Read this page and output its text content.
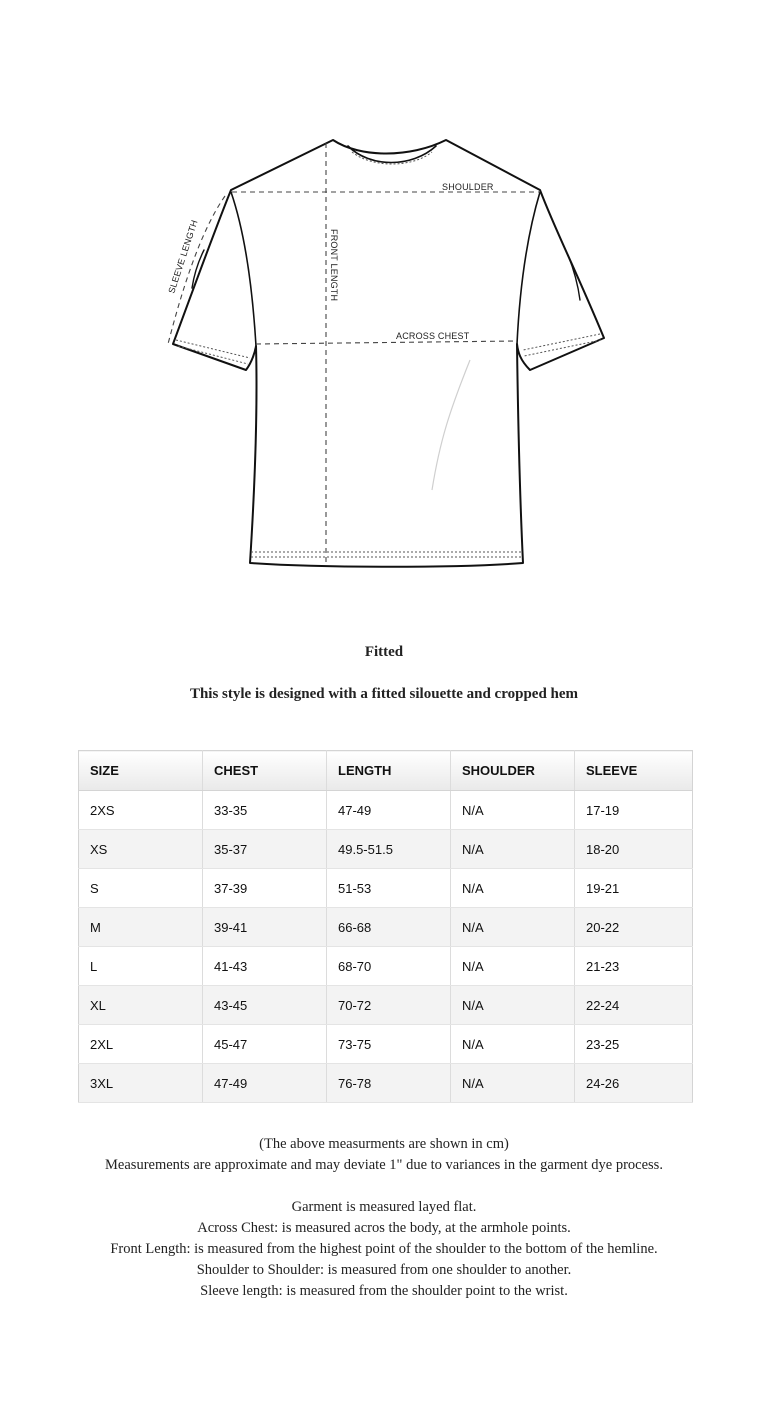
SHOULDER
ACROSS CHEST
FRONT LENGTH
SLEEVE LENGTH
Fitted
This style is designed with a fitted silouette and cropped hem
SIZE	CHEST	LENGTH	SHOULDER	SLEEVE
2XS	33-35	47-49	N/A	17-19
XS	35-37	49.5-51.5	N/A	18-20
S	37-39	51-53	N/A	19-21
M	39-41	66-68	N/A	20-22
L	41-43	68-70	N/A	21-23
XL	43-45	70-72	N/A	22-24
2XL	45-47	73-75	N/A	23-25
3XL	47-49	76-78	N/A	24-26
(The above measurments are shown in cm)
Measurements are approximate and may deviate 1" due to variances in the garment dye process.
Garment is measured layed flat.
Across Chest: is measured acros the body, at the armhole points.
Front Length: is measured from the highest point of the shoulder to the bottom of the hemline.
Shoulder to Shoulder: is measured from one shoulder to another.
Sleeve length: is measured from the shoulder point to the wrist.
